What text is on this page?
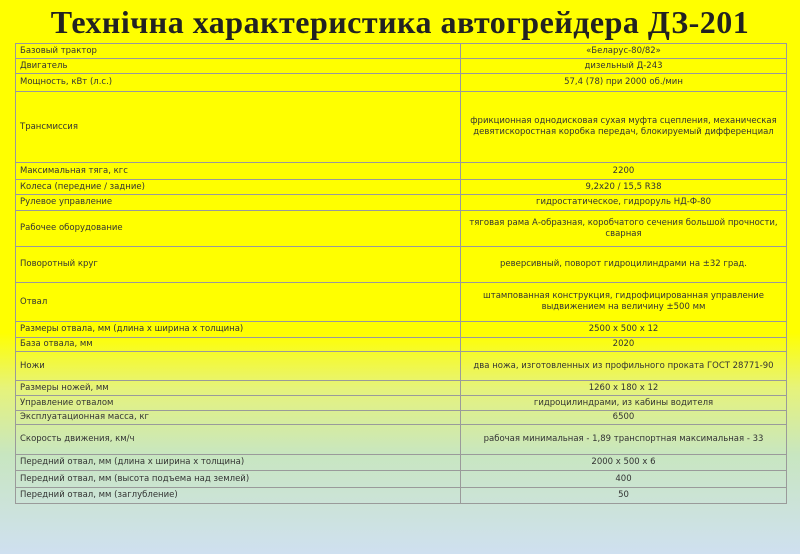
Технічна характеристика автогрейдера ДЗ-201
Базовый трактор	«Беларус-80/82»
Двигатель	дизельный Д-243
Мощность, кВт (л.с.)	57,4 (78) при 2000 об./мин
Трансмиссия	фрикционная однодисковая сухая муфта сцепления, механическая девятискоростная коробка передач, блокируемый дифференциал
Максимальная тяга, кгс	2200
Колеса (передние / задние)	9,2х20 / 15,5 R38
Рулевое управление	гидростатическое, гидроруль НД-Ф-80
Рабочее оборудование	тяговая рама А-образная, коробчатого сечения большой прочности, сварная
Поворотный круг	реверсивный, поворот гидроцилиндрами на ±32 град.
Отвал	штампованная конструкция, гидрофицированная управление выдвижением на величину ±500 мм
Размеры отвала, мм (длина х ширина х толщина)	2500 х 500 х 12
База отвала, мм	2020
Ножи	два ножа, изготовленных из профильного проката ГОСТ 28771-90
Размеры ножей, мм	1260 х 180 х 12
Управление отвалом	гидроцилиндрами, из кабины водителя
Эксплуатационная масса, кг	6500
Скорость движения, км/ч	рабочая минимальная - 1,89 транспортная максимальная - 33
Передний отвал, мм (длина х ширина х толщина)	2000 х 500 х 6
Передний отвал, мм (высота подъема над землей)	400
Передний отвал, мм (заглубление)	50
